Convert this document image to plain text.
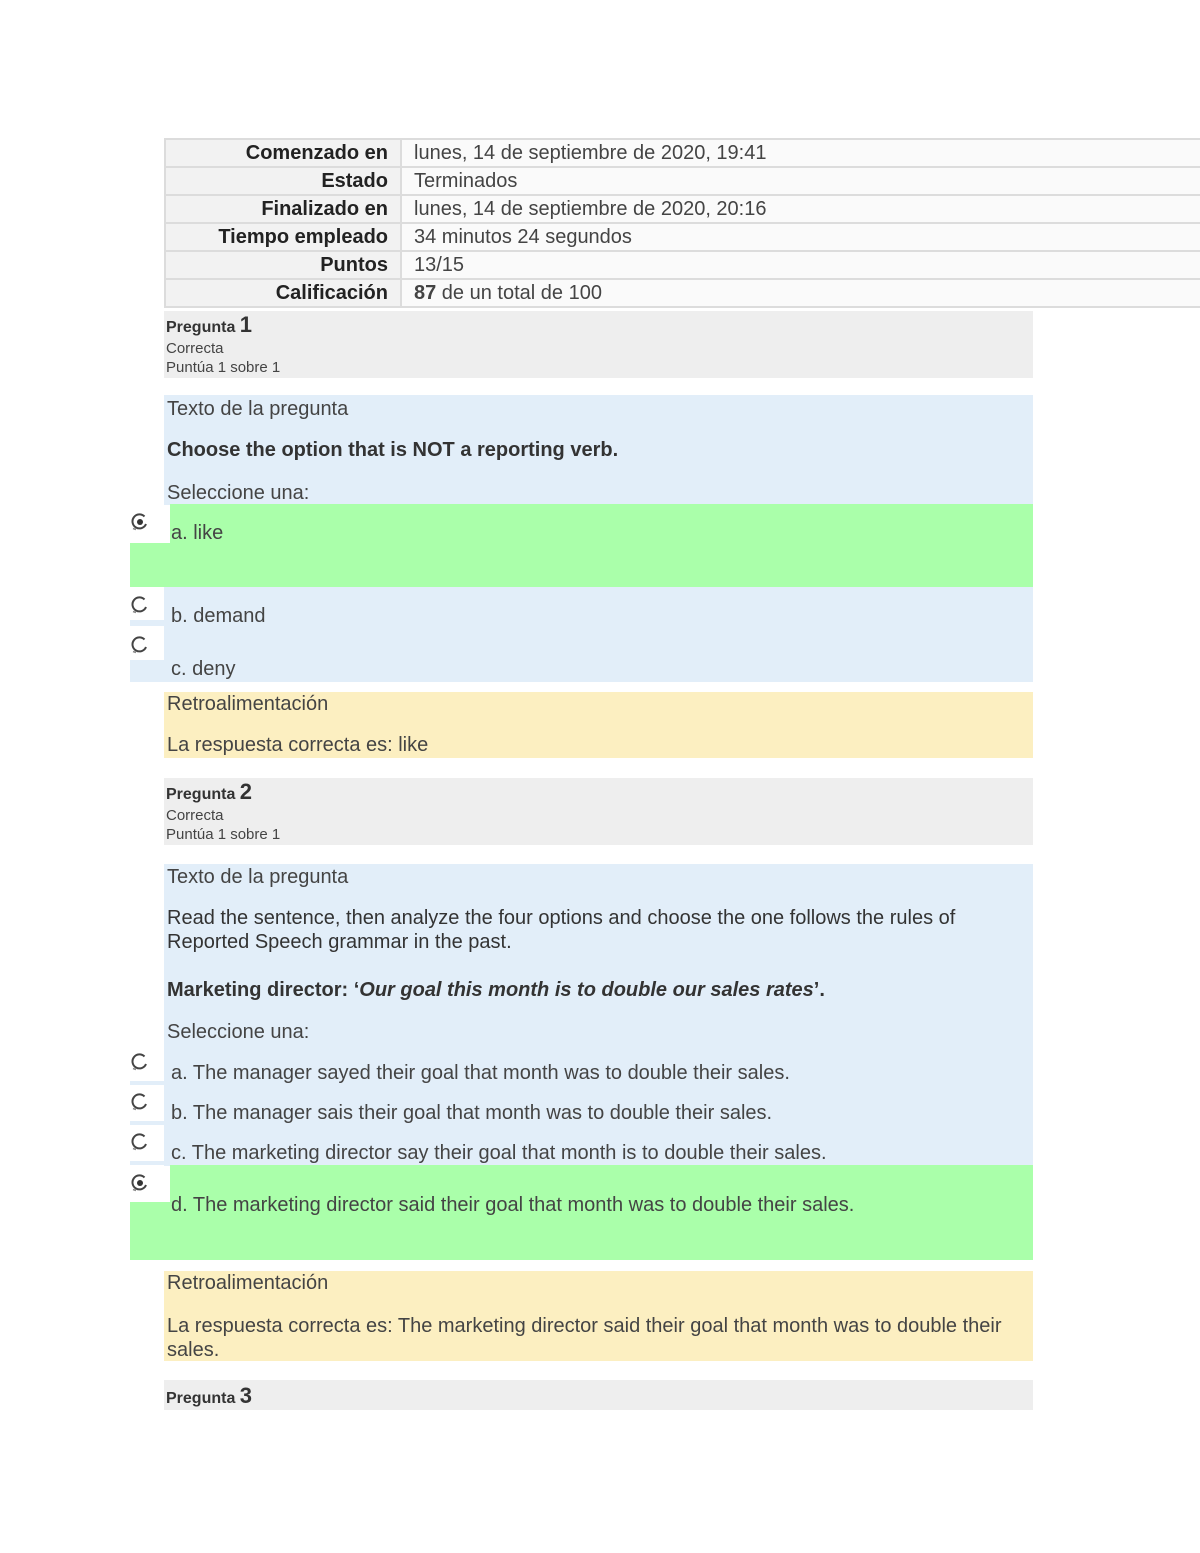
Comenzado en	lunes, 14 de septiembre de 2020, 19:41
Estado	Terminados
Finalizado en	lunes, 14 de septiembre de 2020, 20:16
Tiempo empleado	34 minutos 24 segundos
Puntos	13/15
Calificación	87 de un total de 100
Pregunta 1
Correcta
Puntúa 1 sobre 1
Texto de la pregunta
Choose the option that is NOT a reporting verb.
Seleccione una:
a. like
b. demand
c. deny
Retroalimentación
La respuesta correcta es: like
Pregunta 2
Correcta
Puntúa 1 sobre 1
Texto de la pregunta
Read the sentence, then analyze the four options and choose the one follows the rules of Reported Speech grammar in the past.
Marketing director: ‘Our goal this month is to double our sales rates’.
Seleccione una:
a. The manager sayed their goal that month was to double their sales.
b. The manager sais their goal that month was to double their sales.
c. The marketing director say their goal that month is to double their sales.
d. The marketing director said their goal that month was to double their sales.
Retroalimentación
La respuesta correcta es: The marketing director said their goal that month was to double their sales.
Pregunta 3
